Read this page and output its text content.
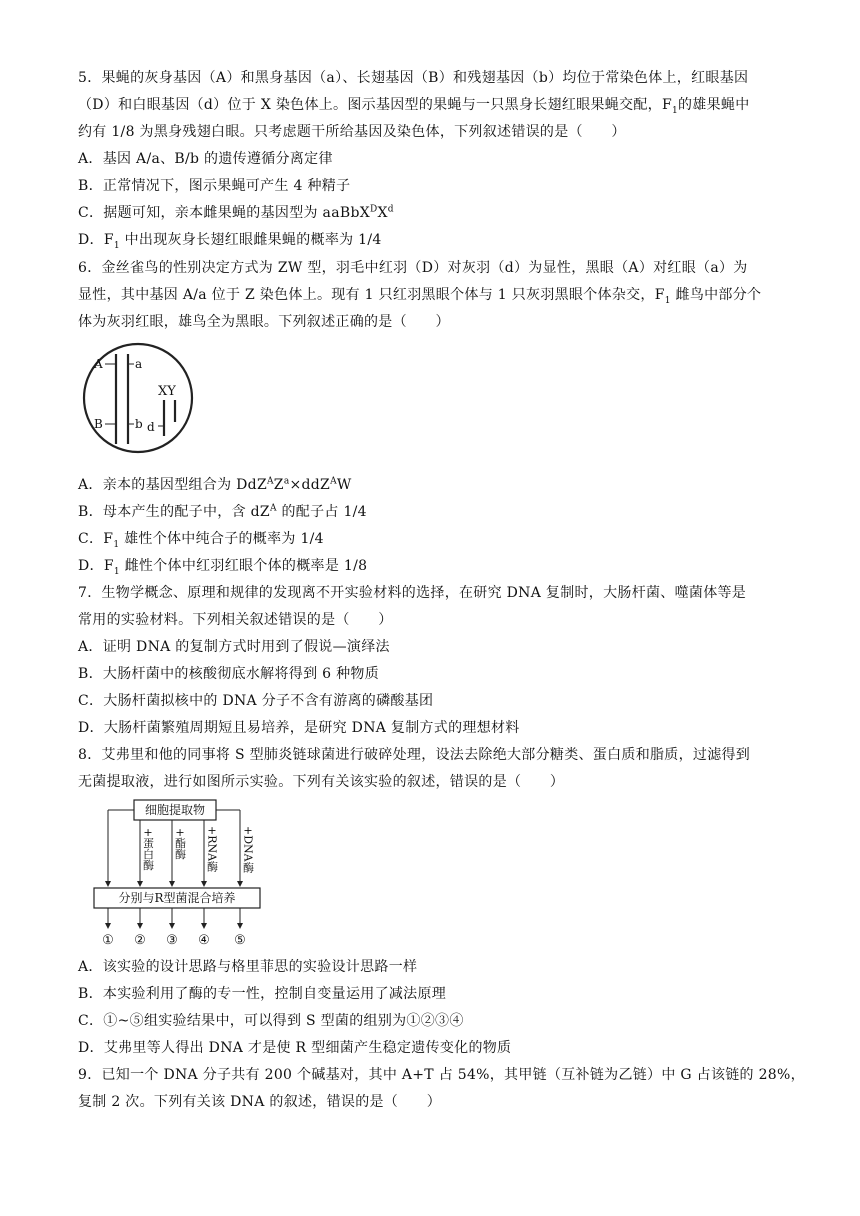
5．果蝇的灰身基因（A）和黑身基因（a）、长翅基因（B）和残翅基因（b）均位于常染色体上，红眼基因
（D）和白眼基因（d）位于 X 染色体上。图示基因型的果蝇与一只黑身长翅红眼果蝇交配，$F_1$的雄果蝇中
约有 1/8 为黑身残翅白眼。只考虑题干所给基因及染色体，下列叙述错误的是（　　）
A．基因 A/a、B/b 的遗传遵循分离定律
B．正常情况下，图示果蝇可产生 4 种精子
C．据题可知，亲本雌果蝇的基因型为 $aaBbX^DX^d$
D．$F_1$ 中出现灰身长翅红眼雌果蝇的概率为 1/4
6．金丝雀鸟的性别决定方式为 ZW 型，羽毛中红羽（D）对灰羽（d）为显性，黑眼（A）对红眼（a）为
显性，其中基因 A/a 位于 Z 染色体上。现有 1 只红羽黑眼个体与 1 只灰羽黑眼个体杂交，$F_1$ 雌鸟中部分个
体为灰羽红眼，雄鸟全为黑眼。下列叙述正确的是（　　）
A	a
B	b
XY
d
A．亲本的基因型组合为 $DdZ^AZ^a\times ddZ^AW$
B．母本产生的配子中，含 $dZ^A$ 的配子占 1/4
C．$F_1$ 雄性个体中纯合子的概率为 1/4
D．$F_1$ 雌性个体中红羽红眼个体的概率是 1/8
7．生物学概念、原理和规律的发现离不开实验材料的选择，在研究 DNA 复制时，大肠杆菌、噬菌体等是
常用的实验材料。下列相关叙述错误的是（　　）
A．证明 DNA 的复制方式时用到了假说—演绎法
B．大肠杆菌中的核酸彻底水解将得到 6 种物质
C．大肠杆菌拟核中的 DNA 分子不含有游离的磷酸基团
D．大肠杆菌繁殖周期短且易培养，是研究 DNA 复制方式的理想材料
8．艾弗里和他的同事将 S 型肺炎链球菌进行破碎处理，设法去除绝大部分糖类、蛋白质和脂质，过滤得到
无菌提取液，进行如图所示实验。下列有关该实验的叙述，错误的是（　　）
细胞提取物
+蛋白酶 +酯酶 +RNA酶 +DNA酶
分别与R型菌混合培养
① ② ③ ④ ⑤
A．该实验的设计思路与格里菲思的实验设计思路一样
B．本实验利用了酶的专一性，控制自变量运用了减法原理
C．①~⑤组实验结果中，可以得到 S 型菌的组别为①②③④
D．艾弗里等人得出 DNA 才是使 R 型细菌产生稳定遗传变化的物质
9．已知一个 DNA 分子共有 200 个碱基对，其中 A+T 占 54%，其甲链（互补链为乙链）中 G 占该链的 28%，
复制 2 次。下列有关该 DNA 的叙述，错误的是（　　）
